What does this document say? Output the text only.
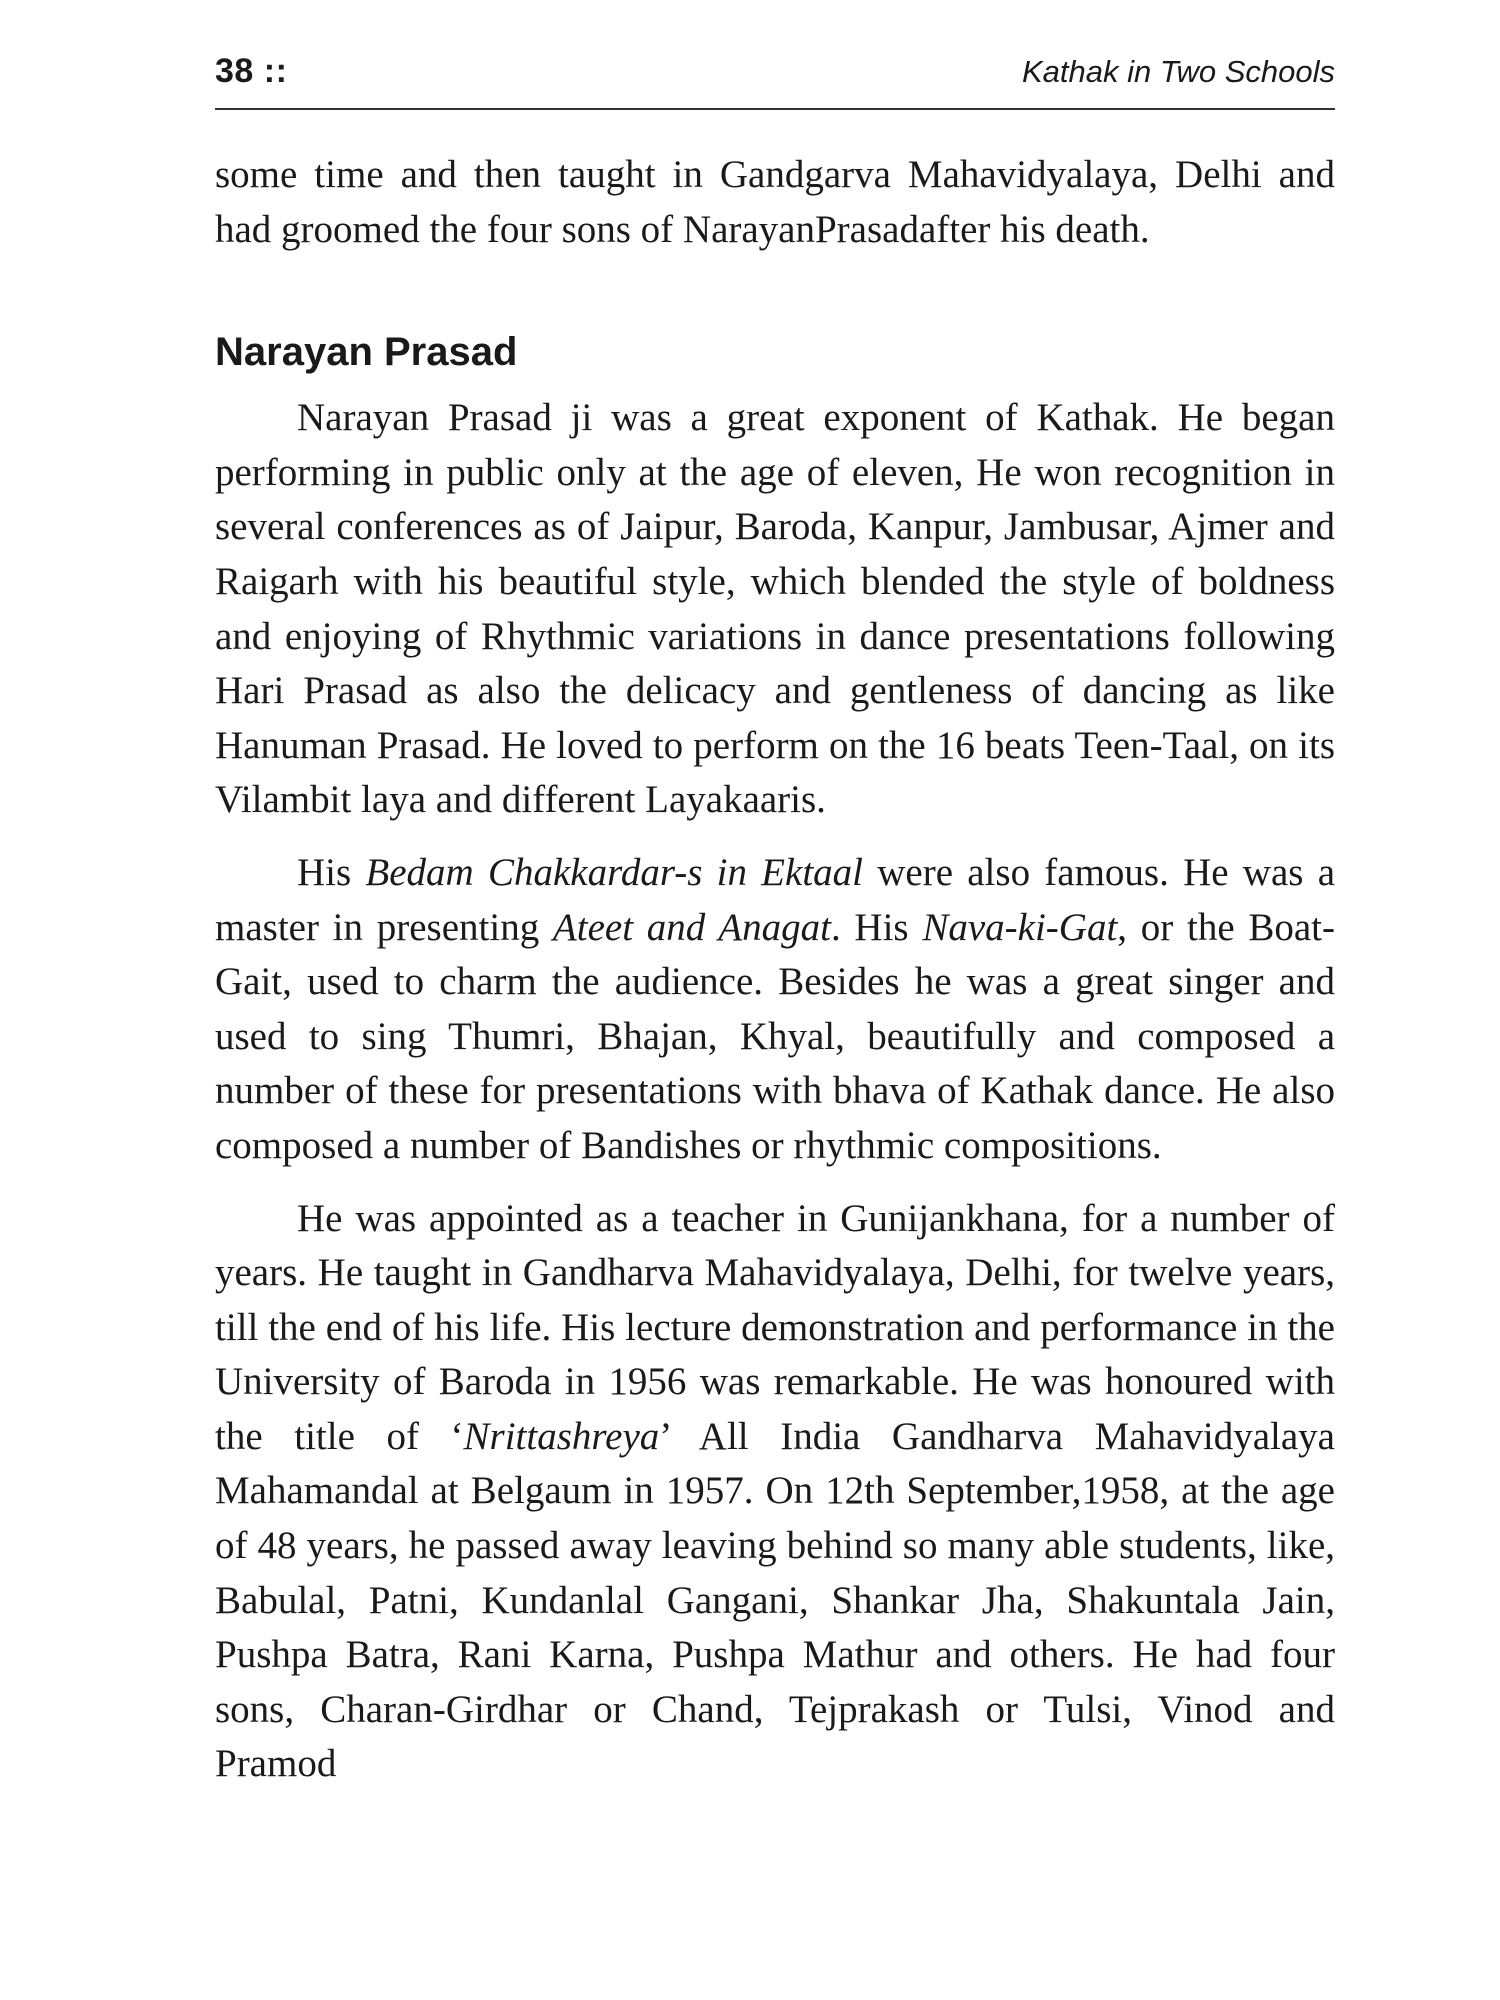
38 ::	Kathak in Two Schools

some time and then taught in Gandgarva Mahavidyalaya, Delhi and had groomed the four sons of NarayanPrasadafter his death.

Narayan Prasad

Narayan Prasad ji was a great exponent of Kathak. He began performing in public only at the age of eleven, He won recognition in several conferences as of Jaipur, Baroda, Kanpur, Jambusar, Ajmer and Raigarh with his beautiful style, which blended the style of boldness and enjoying of Rhythmic variations in dance presentations following Hari Prasad as also the delicacy and gentleness of dancing as like Hanuman Prasad. He loved to perform on the 16 beats Teen-Taal, on its Vilambit laya and different Layakaaris.

His Bedam Chakkardar-s in Ektaal were also famous. He was a master in presenting Ateet and Anagat. His Nava-ki-Gat, or the Boat-Gait, used to charm the audience. Besides he was a great singer and used to sing Thumri, Bhajan, Khyal, beautifully and composed a number of these for presentations with bhava of Kathak dance. He also composed a number of Bandishes or rhythmic compositions.

He was appointed as a teacher in Gunijankhana, for a number of years. He taught in Gandharva Mahavidyalaya, Delhi, for twelve years, till the end of his life. His lecture demonstration and performance in the University of Baroda in 1956 was remarkable. He was honoured with the title of ‘Nrittashreya’ All India Gandharva Mahavidyalaya Mahamandal at Belgaum in 1957. On 12th September,1958, at the age of 48 years, he passed away leaving behind so many able students, like, Babulal, Patni, Kundanlal Gangani, Shankar Jha, Shakuntala Jain, Pushpa Batra, Rani Karna, Pushpa Mathur and others. He had four sons, Charan-Girdhar or Chand, Tejprakash or Tulsi, Vinod and Pramod
